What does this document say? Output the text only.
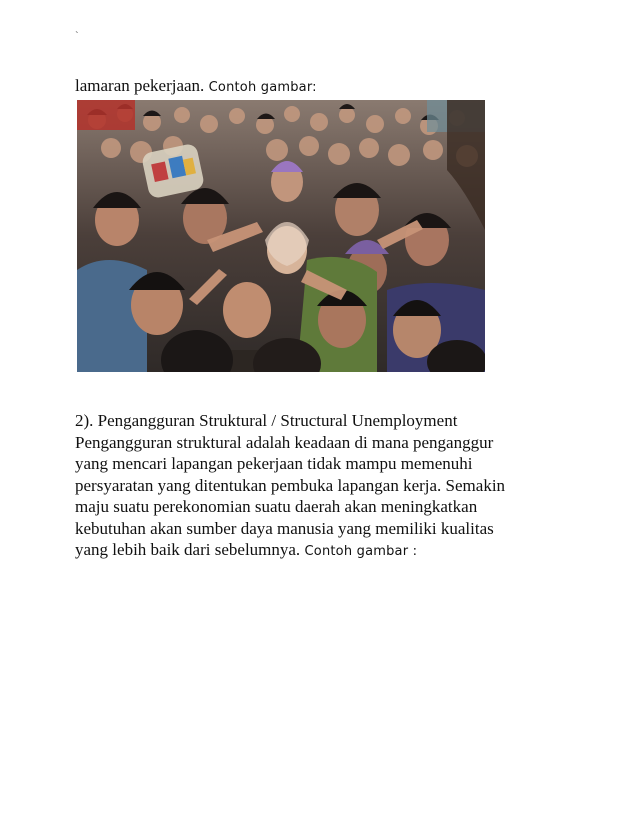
`
lamaran pekerjaan. Contoh gambar:
2). Pengangguran Struktural / Structural Unemployment
Pengangguran struktural adalah keadaan di mana penganggur
yang mencari lapangan pekerjaan tidak mampu memenuhi
persyaratan yang ditentukan pembuka lapangan kerja. Semakin
maju suatu perekonomian suatu daerah akan meningkatkan
kebutuhan akan sumber daya manusia yang memiliki kualitas
yang lebih baik dari sebelumnya. Contoh gambar :
